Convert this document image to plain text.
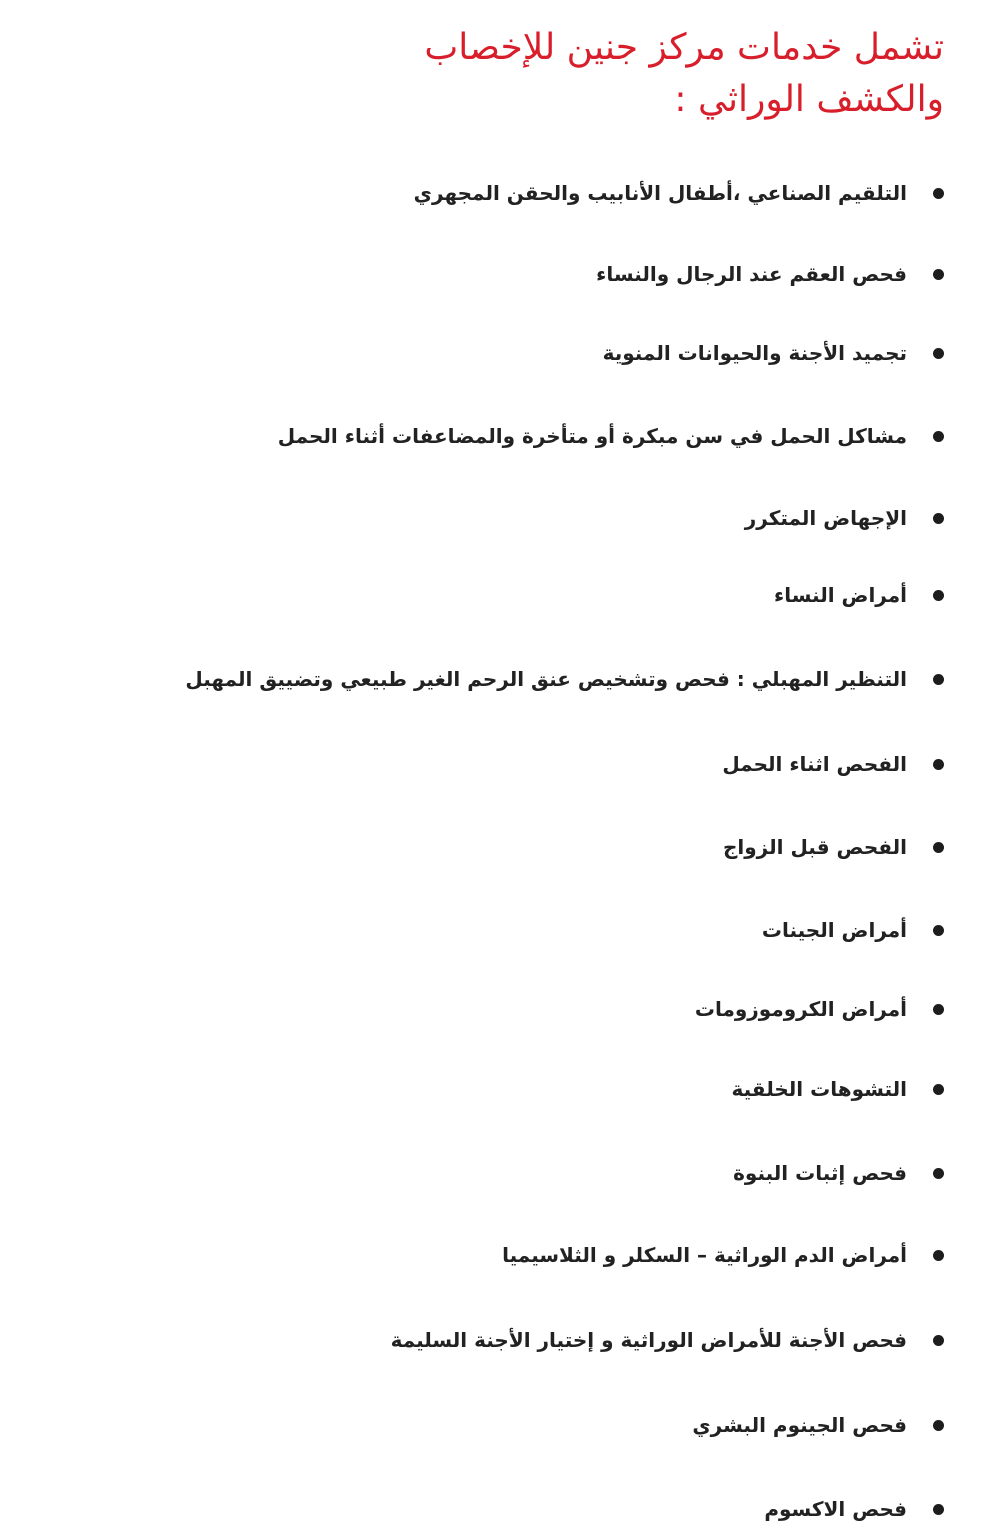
تشمل خدمات مركز جنين للإخصاب
والكشف الوراثي :
التلقيم الصناعي ،أطفال الأنابيب والحقن المجهري
فحص العقم عند الرجال والنساء
تجميد الأجنة والحيوانات المنوية
مشاكل الحمل في سن مبكرة أو متأخرة والمضاعفات أثناء الحمل
الإجهاض المتكرر
أمراض النساء
التنظير المهبلي : فحص وتشخيص عنق الرحم الغير طبيعي وتضييق المهبل
الفحص اثناء الحمل
الفحص قبل الزواج
أمراض الجينات
أمراض الكروموزومات
التشوهات الخلقية
فحص إثبات البنوة
أمراض الدم الوراثية – السكلر و الثلاسيميا
فحص الأجنة للأمراض الوراثية و إختيار الأجنة السليمة
فحص الجينوم البشري
فحص الاكسوم
